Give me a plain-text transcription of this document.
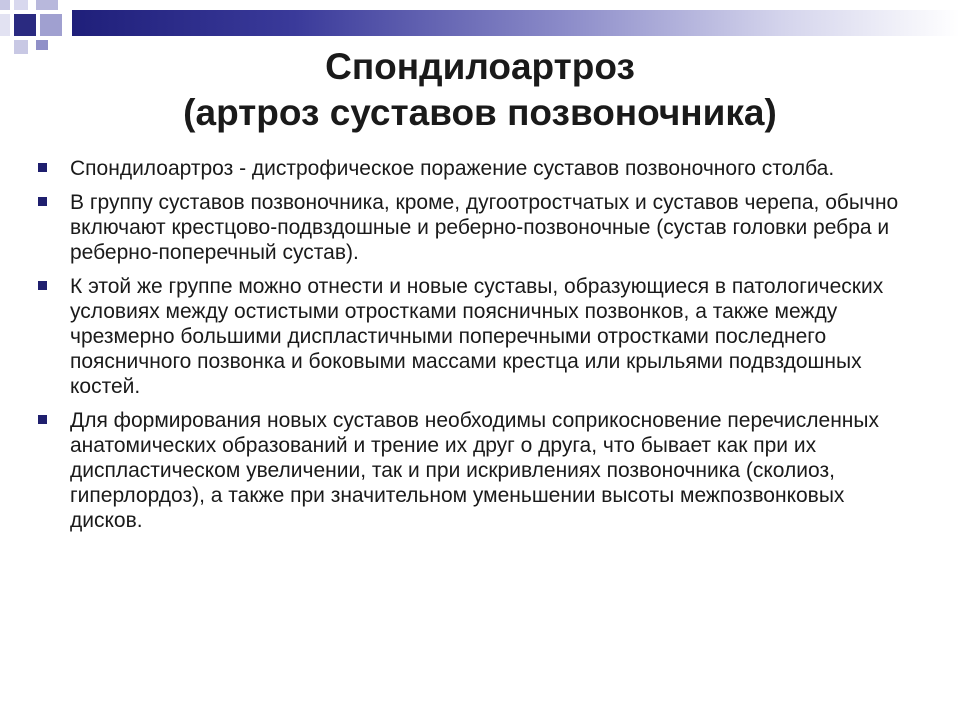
Спондилоартроз
(артроз суставов позвоночника)
Спондилоартроз - дистрофическое поражение суставов позвоночного столба.
В группу суставов позвоночника, кроме, дугоотростчатых и суставов черепа, обычно включают крестцово-подвздошные и реберно-позвоночные (сустав головки ребра и реберно-поперечный сустав).
К этой же группе можно отнести и новые суставы, образующиеся в патологических условиях между остистыми отростками поясничных позвонков, а также между чрезмерно большими диспластичными поперечными отростками последнего поясничного позвонка и боковыми массами крестца или крыльями подвздошных костей.
Для формирования новых суставов необходимы соприкосновение перечисленных анатомических образований и трение их друг о друга, что бывает как при их диспластическом увеличении, так и при искривлениях позвоночника (сколиоз, гиперлордоз), а также при значительном уменьшении высоты межпозвонковых дисков.
